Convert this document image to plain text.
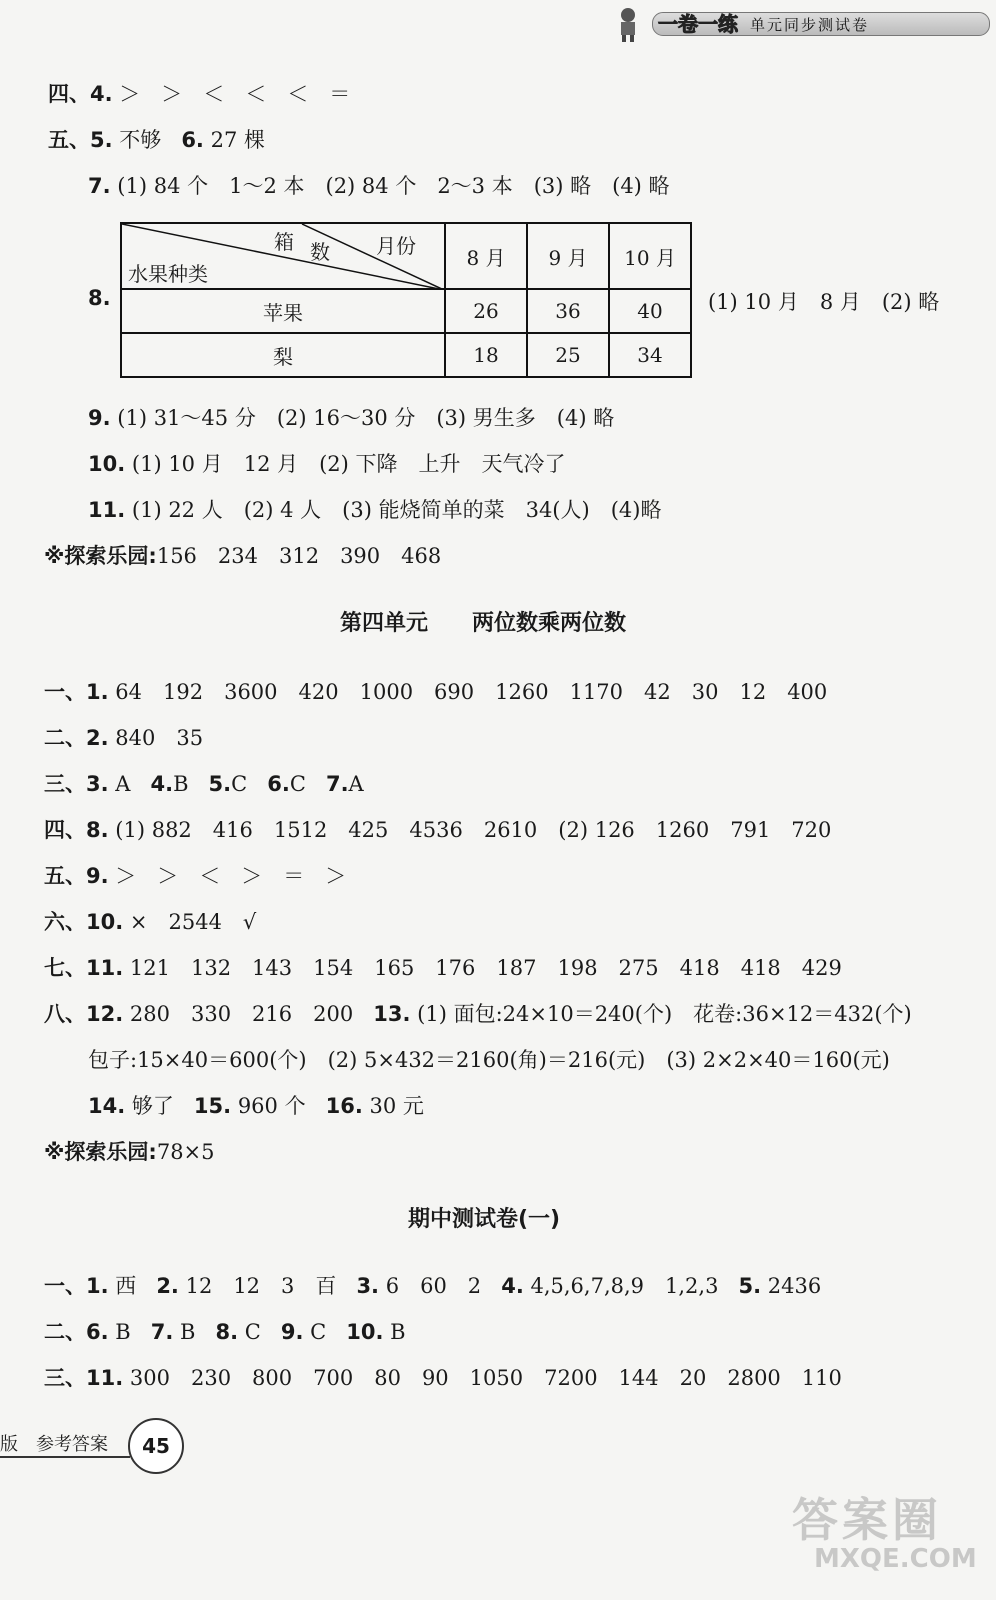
一卷一练 单元同步测试卷
四、4. ＞　＞　＜　＜　＜　＝
五、5. 不够 6. 27 棵
7. (1) 84 个　1～2 本　(2) 84 个　2～3 本　(3) 略　(4) 略
8.
箱 数 月份
水果种类	8 月	9 月	10 月
苹果	26	36	40
梨	18	25	34
(1) 10 月　8 月　(2) 略
9. (1) 31～45 分　(2) 16～30 分　(3) 男生多　(4) 略
10. (1) 10 月　12 月　(2) 下降　上升　天气冷了
11. (1) 22 人　(2) 4 人　(3) 能烧简单的菜　34(人)　(4)略
※探索乐园:156　234　312　390　468
第四单元　　两位数乘两位数
一、1. 64　192　3600　420　1000　690　1260　1170　42　30　12　400
二、2. 840　35
三、3. A 4.B 5.C 6.C 7.A
四、8. (1) 882　416　1512　425　4536　2610　(2) 126　1260　791　720
五、9. ＞　＞　＜　＞　＝　＞
六、10. ×　2544　√
七、11. 121　132　143　154　165　176　187　198　275　418　418　429
八、12. 280　330　216　200 13. (1) 面包:24×10＝240(个)　花卷:36×12＝432(个)
包子:15×40＝600(个)　(2) 5×432＝2160(角)＝216(元)　(3) 2×2×40＝160(元)
14. 够了 15. 960 个 16. 30 元
※探索乐园:78×5
期中测试卷(一)
一、1. 西 2. 12　12　3　百 3. 6　60　2 4. 4,5,6,7,8,9　1,2,3 5. 2436
二、6. B 7. B 8. C 9. C 10. B
三、11. 300　230　800　700　80　90　1050　7200　144　20　2800　110
版　参考答案	45
答案圈
MXQE.COM
